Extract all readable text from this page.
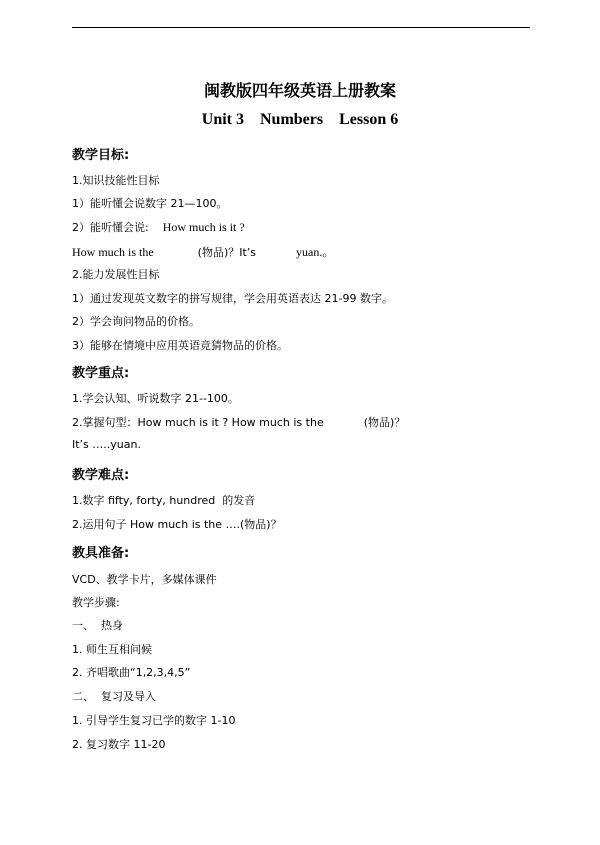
闽教版四年级英语上册教案
Unit 3    Numbers    Lesson 6
教学目标:
1.知识技能性目标
1）能听懂会说数字 21—100。
2）能听懂会说: How much is it ?
How much is the	(物品)？It’s	yuan.。
2.能力发展性目标
1）通过发现英文数字的拼写规律，学会用英语表达 21-99 数字。
2）学会询问物品的价格。
3）能够在情境中应用英语竞猜物品的价格。
教学重点:
1.学会认知、听说数字 21--100。
2.掌握句型：How much is it ? How much is the	(物品)？
It’s …..yuan.
教学难点:
1.数字 fifty, forty, hundred  的发音
2.运用句子 How much is the ….(物品)？
教具准备:
VCD、教学卡片，多媒体课件
教学步骤:
一、  热身
1. 师生互相问候
2. 齐唱歌曲“1,2,3,4,5”
二、  复习及导入
1. 引导学生复习已学的数字 1-10
2. 复习数字 11-20
